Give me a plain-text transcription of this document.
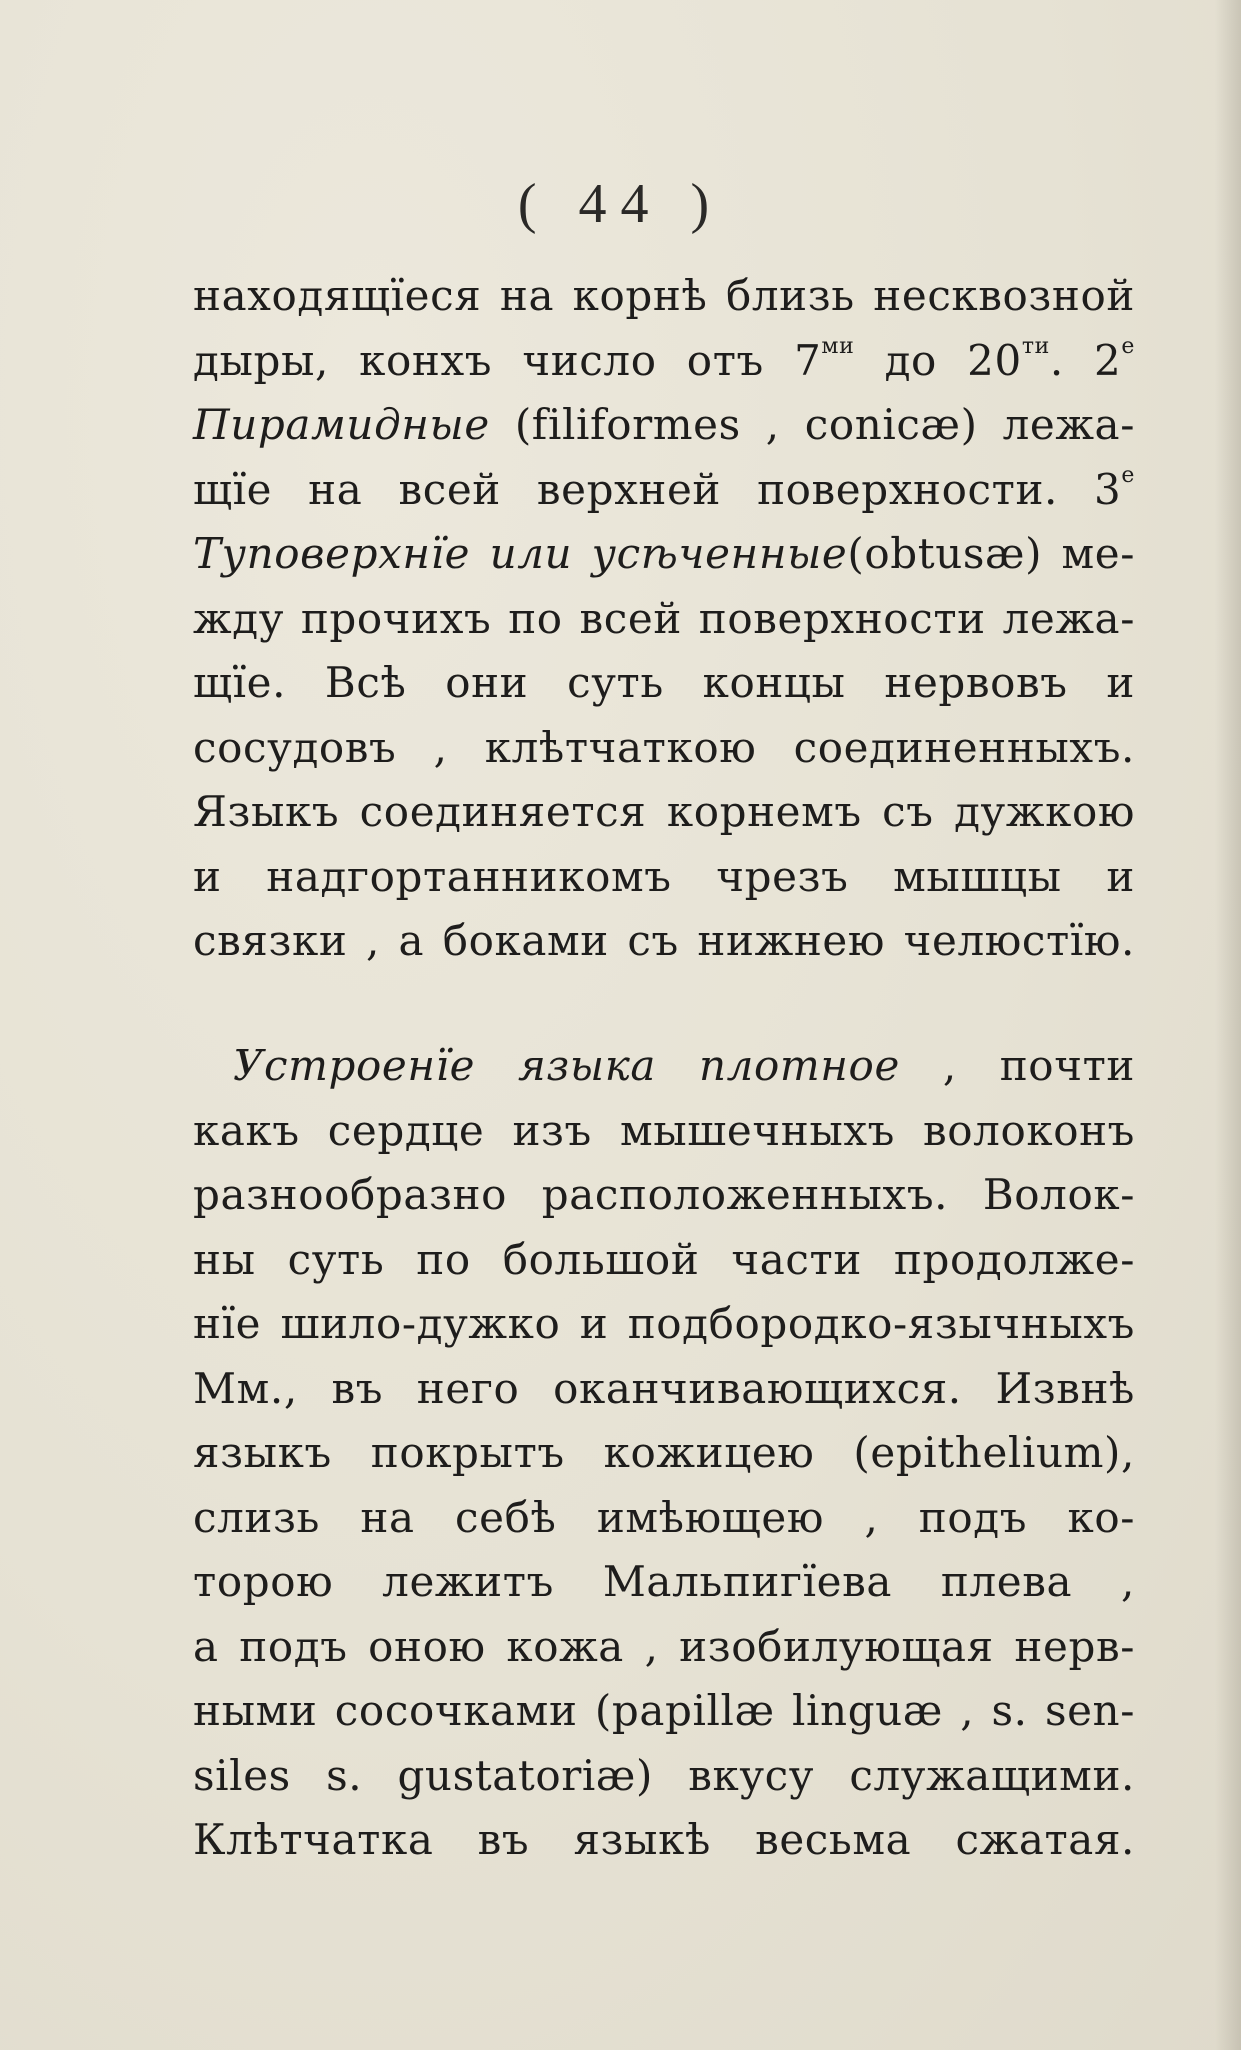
( 44 )
находящїеся на корнѣ близь несквозной
дыры, конхъ число отъ $7^{ми}$ до $20^{ти}$. $2^е$
Пирамидные (filiformes , conicæ) лежа-
щїе на всей верхней поверхности. $3^е$
Туповерхнїе или усѣченные(obtusæ) ме-
жду прочихъ по всей поверхности лежа-
щїе. Всѣ они суть концы нервовъ и
сосудовъ , клѣтчаткою соединенныхъ.
Языкъ соединяется корнемъ съ дужкою
и надгортанникомъ чрезъ мышцы и
связки , а боками съ нижнею челюстїю.
Устроенїе языка плотное , почти
какъ сердце изъ мышечныхъ волоконъ
разнообразно расположенныхъ. Волок-
ны суть по большой части продолже-
нїе шило-дужко и подбородко-язычныхъ
Мм., въ него оканчивающихся. Извнѣ
языкъ покрытъ кожицею (epithelium),
слизь на себѣ имѣющею , подъ ко-
торою лежитъ Мальпигїева плева ,
а подъ оною кожа , изобилующая нерв-
ными сосочками (papillæ linguæ , s. sen-
siles s. gustatoriæ) вкусу служащими.
Клѣтчатка въ языкѣ весьма сжатая.
